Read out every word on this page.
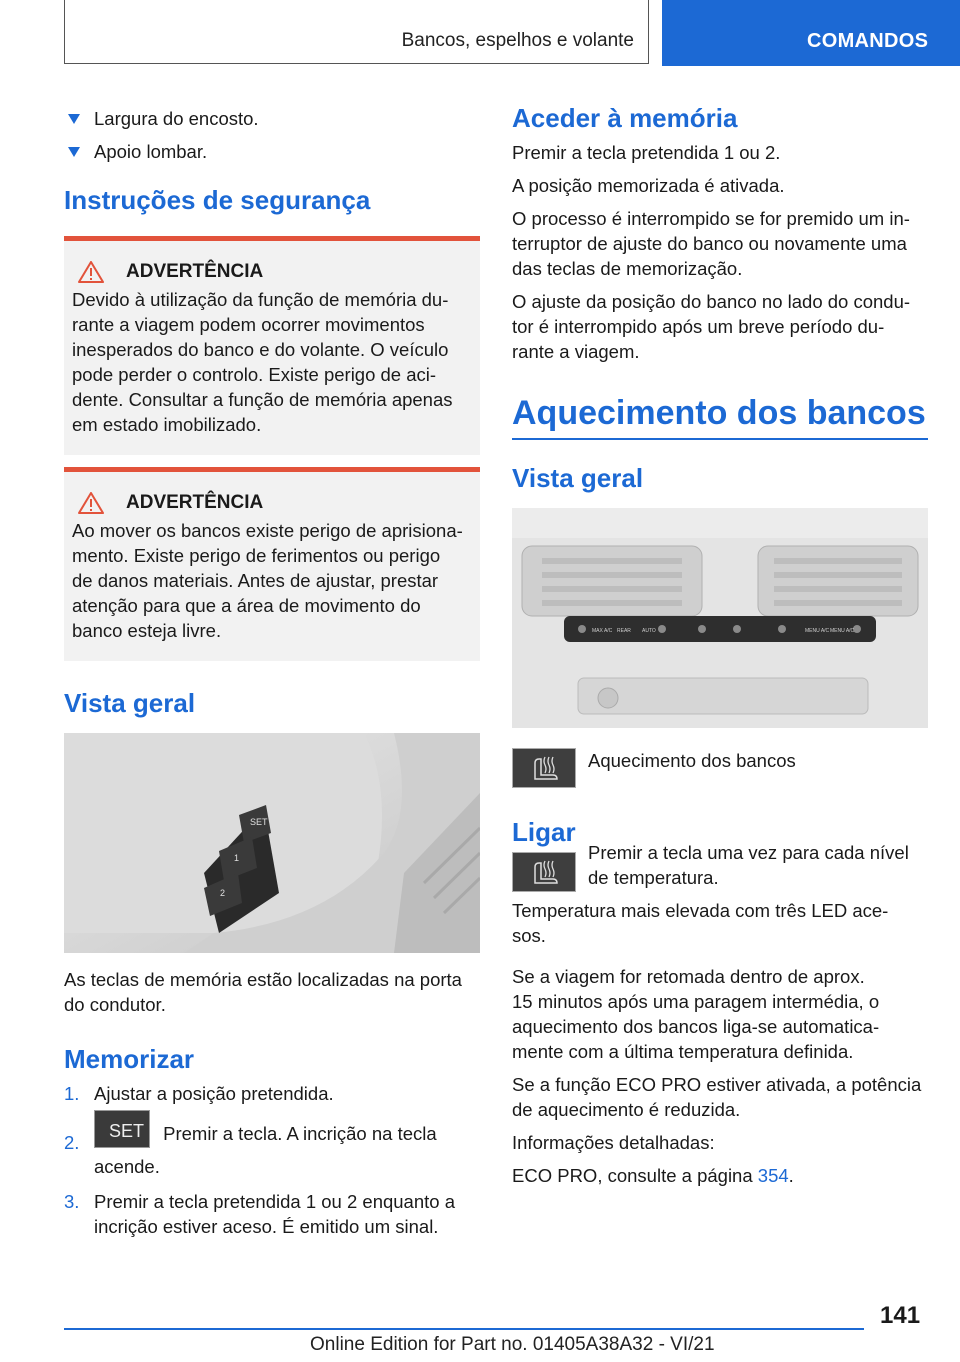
Bancos, espelhos e volante	COMANDOS
Largura do encosto.
Apoio lombar.
Instruções de segurança
ADVERTÊNCIA
Devido à utilização da função de memória du-
rante a viagem podem ocorrer movimentos
inesperados do banco e do volante. O veículo
pode perder o controlo. Existe perigo de aci-
dente. Consultar a função de memória apenas
em estado imobilizado.
ADVERTÊNCIA
Ao mover os bancos existe perigo de aprisiona-
mento. Existe perigo de ferimentos ou perigo
de danos materiais. Antes de ajustar, prestar
atenção para que a área de movimento do
banco esteja livre.
Vista geral
SET
1
2
As teclas de memória estão localizadas na porta
do condutor.
Memorizar
1. Ajustar a posição pretendida.
2.
SET Premir a tecla. A incrição na tecla
acende.
3. Premir a tecla pretendida 1 ou 2 enquanto a
incrição estiver aceso. É emitido um sinal.
Aceder à memória
Premir a tecla pretendida 1 ou 2.
A posição memorizada é ativada.
O processo é interrompido se for premido um in-
terruptor de ajuste do banco ou novamente uma
das teclas de memorização.
O ajuste da posição do banco no lado do condu-
tor é interrompido após um breve período du-
rante a viagem.
Aquecimento dos bancos
Vista geral
MAX A/C REAR AUTO	MENU A/C MENU A/C
Aquecimento dos bancos
Ligar
Premir a tecla uma vez para cada nível
de temperatura.
Temperatura mais elevada com três LED ace-
sos.
Se a viagem for retomada dentro de aprox.
15 minutos após uma paragem intermédia, o
aquecimento dos bancos liga-se automatica-
mente com a última temperatura definida.
Se a função ECO PRO estiver ativada, a potência
de aquecimento é reduzida.
Informações detalhadas:
ECO PRO, consulte a página 354.
141
Online Edition for Part no. 01405A38A32 - VI/21
